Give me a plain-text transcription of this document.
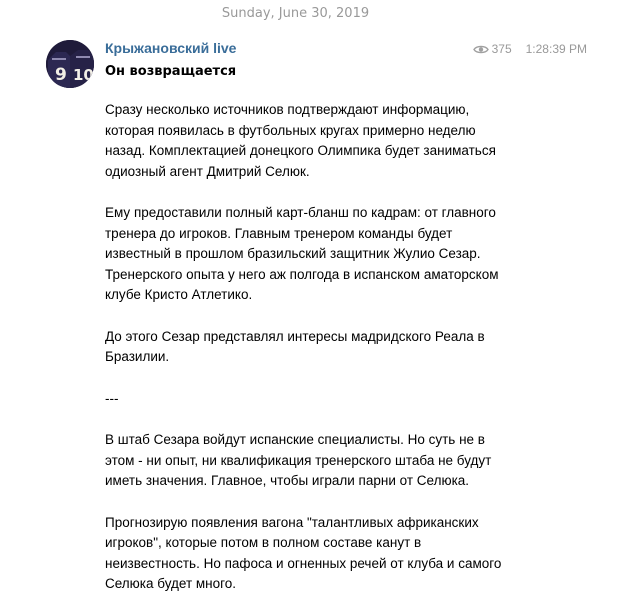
Sunday, June 30, 2019
9 10
Крыжановский live	375 1:28:39 PM
Он возвращается

Сразу несколько источников подтверждают информацию,
которая появилась в футбольных кругах примерно неделю
назад. Комплектацией донецкого Олимпика будет заниматься
одиозный агент Дмитрий Селюк.

Ему предоставили полный карт-бланш по кадрам: от главного
тренера до игроков. Главным тренером команды будет
известный в прошлом бразильский защитник Жулио Сезар.
Тренерского опыта у него аж полгода в испанском аматорском
клубе Кристо Атлетико.

До этого Сезар представлял интересы мадридского Реала в
Бразилии.

---

В штаб Сезара войдут испанские специалисты. Но суть не в
этом - ни опыт, ни квалификация тренерского штаба не будут
иметь значения. Главное, чтобы играли парни от Селюка.

Прогнозирую появления вагона "талантливых африканских
игроков", которые потом в полном составе канут в
неизвестность. Но пафоса и огненных речей от клуба и самого
Селюка будет много.
